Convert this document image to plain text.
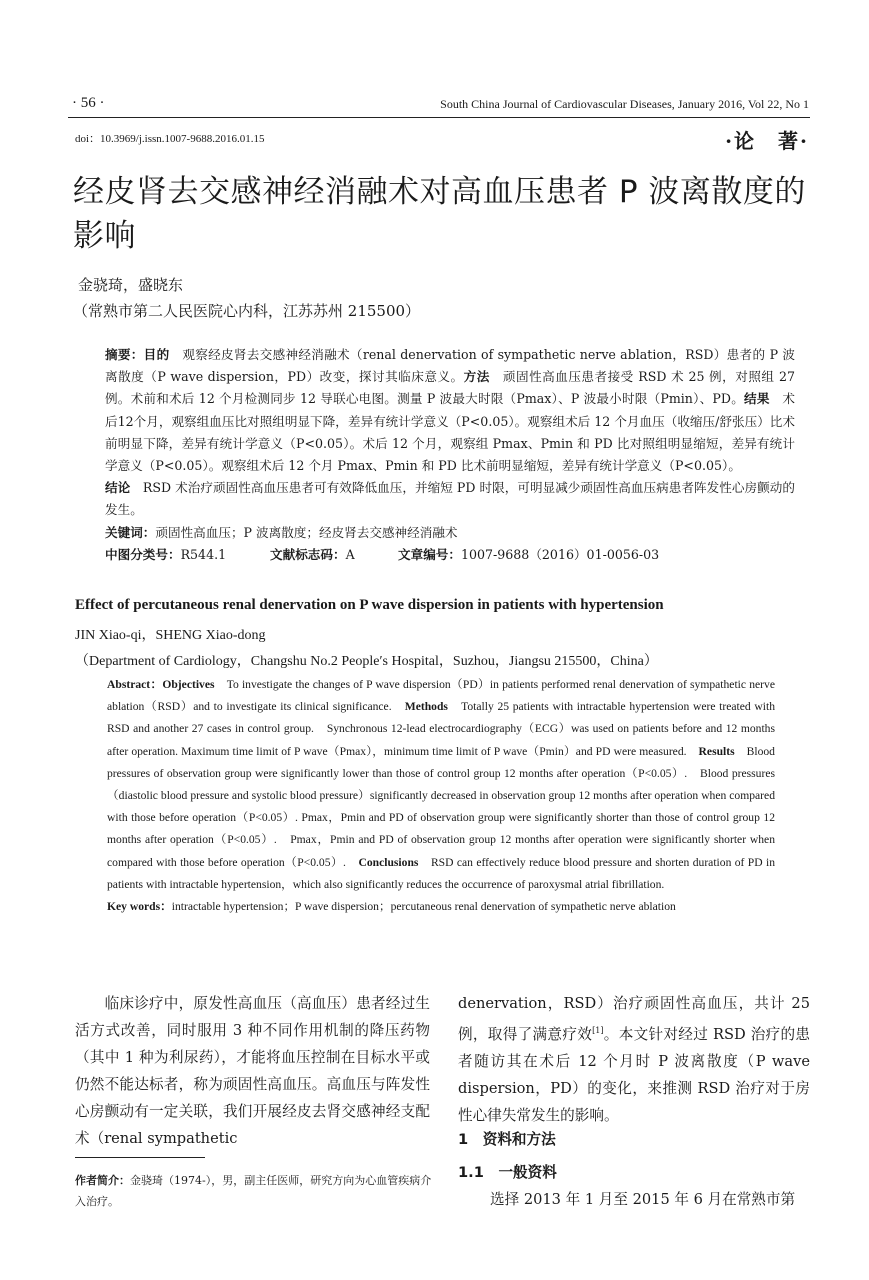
· 56 ·	South China Journal of Cardiovascular Diseases, January 2016, Vol 22, No 1
doi：10.3969/j.issn.1007-9688.2016.01.15	·论　著·
经皮肾去交感神经消融术对高血压患者 P 波离散度的影响
金骁琦，盛晓东
（常熟市第二人民医院心内科，江苏苏州 215500）

摘要：目的　观察经皮肾去交感神经消融术（renal denervation of sympathetic nerve ablation，RSD）患者的 P 波离散度（P wave dispersion，PD）改变，探讨其临床意义。方法　顽固性高血压患者接受 RSD 术 25 例，对照组 27例。术前和术后 12 个月检测同步 12 导联心电图。测量 P 波最大时限（Pmax）、P 波最小时限（Pmin）、PD。结果　术后12个月，观察组血压比对照组明显下降，差异有统计学意义（P<0.05）。观察组术后 12 个月血压（收缩压/舒张压）比术前明显下降，差异有统计学意义（P<0.05）。术后 12 个月，观察组 Pmax、Pmin 和 PD 比对照组明显缩短，差异有统计学意义（P<0.05）。观察组术后 12 个月 Pmax、Pmin 和 PD 比术前明显缩短，差异有统计学意义（P<0.05）。

结论　RSD 术治疗顽固性高血压患者可有效降低血压，并缩短 PD 时限，可明显减少顽固性高血压病患者阵发性心房颤动的发生。

关键词：顽固性高血压；P 波离散度；经皮肾去交感神经消融术

中图分类号：R544.1	文献标志码：A	文章编号：1007-9688（2016）01-0056-03

Effect of percutaneous renal denervation on P wave dispersion in patients with hypertension
JIN Xiao-qi，SHENG Xiao-dong
（Department of Cardiology，Changshu No.2 People′s Hospital，Suzhou，Jiangsu 215500，China）

Abstract：Objectives　To investigate the changes of P wave dispersion（PD）in patients performed renal denervation of sympathetic nerve ablation（RSD）and to investigate its clinical significance.　 Methods　Totally 25 patients with intractable hypertension were treated with RSD and another 27 cases in control group.　Synchronous 12-lead electrocardiography（ECG）was used on patients before and 12 months after operation. Maximum time limit of P wave（Pmax），minimum time limit of P wave（Pmin）and PD were measured.　 Results　Blood pressures of observation group were significantly lower than those of control group 12 months after operation（P<0.05）.　Blood pressures（diastolic blood pressure and systolic blood pressure）significantly decreased in observation group 12 months after operation when compared with those before operation（P<0.05）. Pmax，Pmin and PD of observation group were significantly shorter than those of control group 12 months after operation（P<0.05）.　Pmax，Pmin and PD of observation group 12 months after operation were significantly shorter when compared with those before operation（P<0.05）.　 Conclusions　RSD can effectively reduce blood pressure and shorten duration of PD in patients with intractable hypertension，which also significantly reduces the occurrence of paroxysmal atrial fibrillation.

Key words：intractable hypertension；P wave dispersion；percutaneous renal denervation of sympathetic nerve ablation

　　临床诊疗中，原发性高血压（高血压）患者经过生活方式改善，同时服用 3 种不同作用机制的降压药物（其中 1 种为利尿药），才能将血压控制在目标水平或仍然不能达标者，称为顽固性高血压。高血压与阵发性心房颤动有一定关联，我们开展经皮去肾交感神经支配术（renal sympathetic

作者简介：金骁琦（1974-），男，副主任医师，研究方向为心血管疾病介入治疗。

denervation，RSD）治疗顽固性高血压，共计 25 例，取得了满意疗效[1]。本文针对经过 RSD 治疗的患者随访其在术后 12 个月时 P 波离散度（P wave dispersion，PD）的变化，来推测 RSD 治疗对于房性心律失常发生的影响。

1　资料和方法
1.1　一般资料
选择 2013 年 1 月至 2015 年 6 月在常熟市第
